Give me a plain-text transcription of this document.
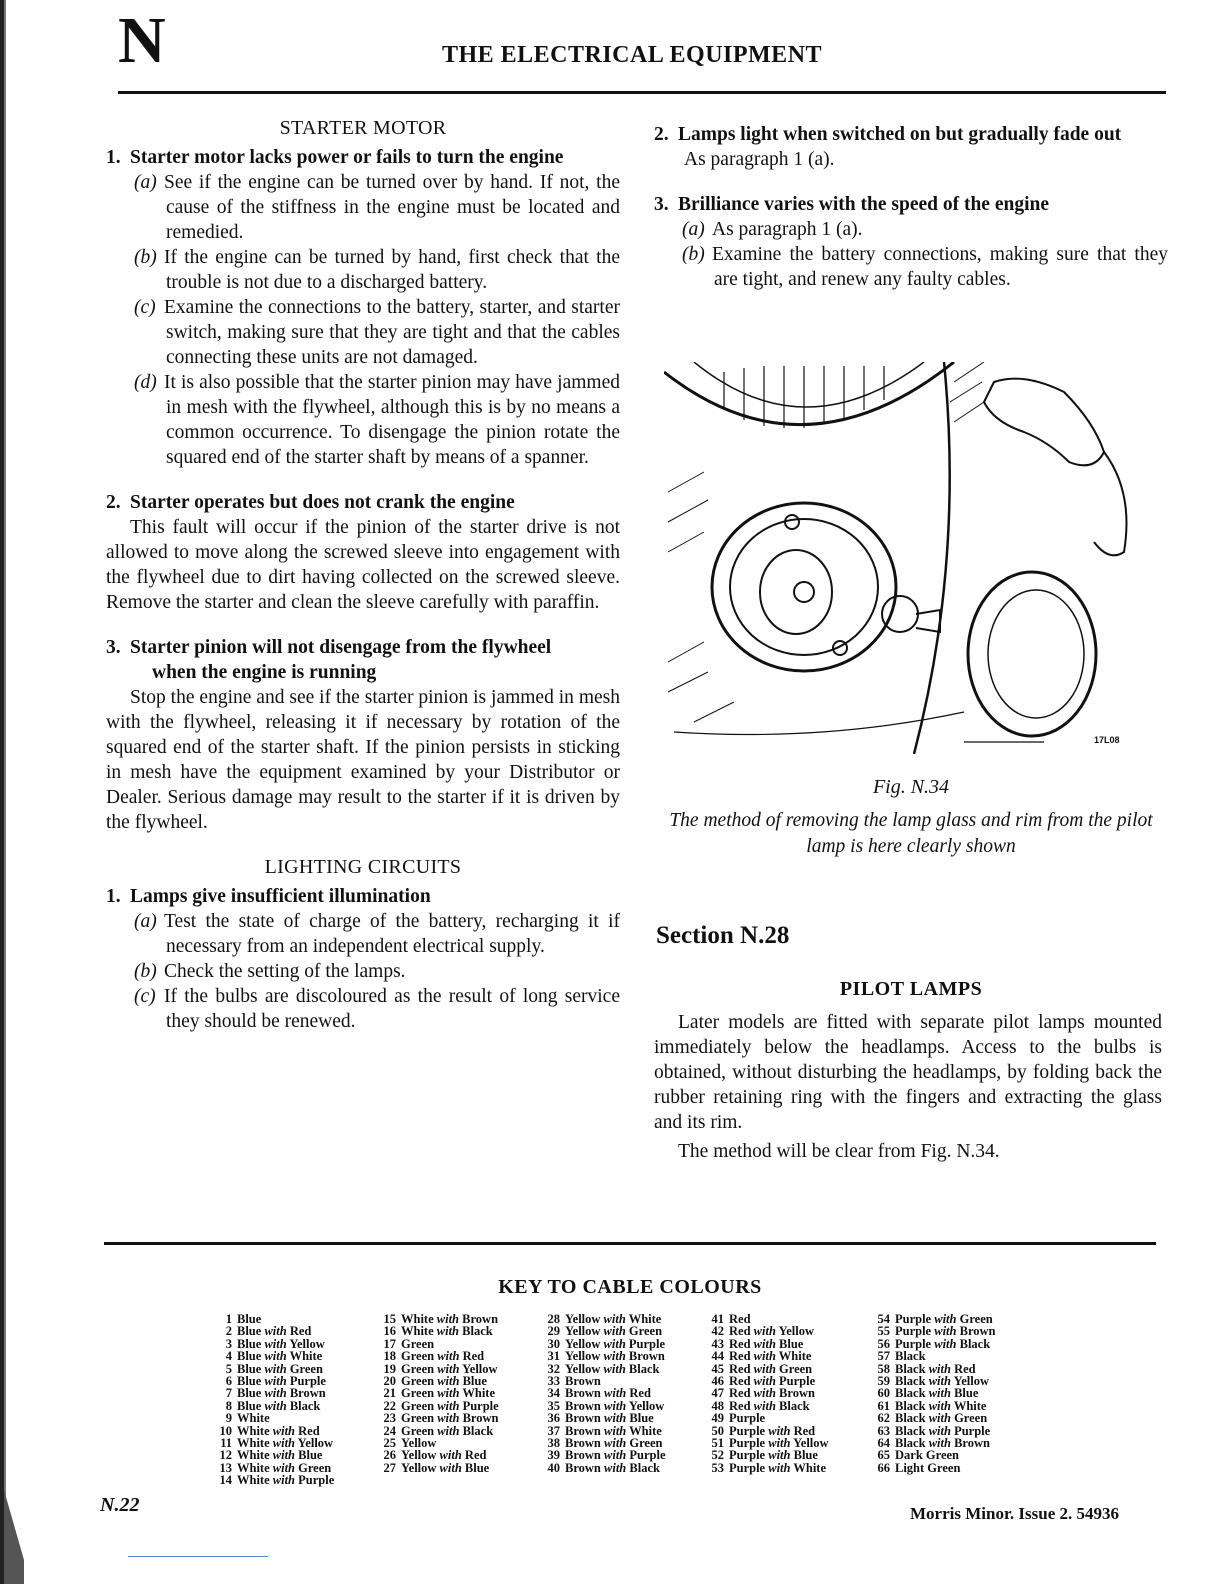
N	THE ELECTRICAL EQUIPMENT
STARTER MOTOR

1. Starter motor lacks power or fails to turn the engine

(a) See if the engine can be turned over by hand. If not, the cause of the stiffness in the engine must be located and remedied.

(b) If the engine can be turned by hand, first check that the trouble is not due to a discharged battery.

(c) Examine the connections to the battery, starter, and starter switch, making sure that they are tight and that the cables connecting these units are not damaged.

(d) It is also possible that the starter pinion may have jammed in mesh with the flywheel, although this is by no means a common occurrence. To disengage the pinion rotate the squared end of the starter shaft by means of a spanner.

2. Starter operates but does not crank the engine

This fault will occur if the pinion of the starter drive is not allowed to move along the screwed sleeve into engagement with the flywheel due to dirt having collected on the screwed sleeve. Remove the starter and clean the sleeve carefully with paraffin.

3. Starter pinion will not disengage from the flywheel

when the engine is running

Stop the engine and see if the starter pinion is jammed in mesh with the flywheel, releasing it if necessary by rotation of the squared end of the starter shaft. If the pinion persists in sticking in mesh have the equipment examined by your Distributor or Dealer. Serious damage may result to the starter if it is driven by the flywheel.

LIGHTING CIRCUITS

1. Lamps give insufficient illumination

(a) Test the state of charge of the battery, recharging it if necessary from an independent electrical supply.

(b) Check the setting of the lamps.

(c) If the bulbs are discoloured as the result of long service they should be renewed.

2. Lamps light when switched on but gradually fade out

As paragraph 1 (a).

3. Brilliance varies with the speed of the engine

(a) As paragraph 1 (a).

(b) Examine the battery connections, making sure that they are tight, and renew any faulty cables.

17L08
Fig. N.34
The method of removing the lamp glass and rim from the pilot lamp is here clearly shown
Section N.28
PILOT LAMPS

Later models are fitted with separate pilot lamps mounted immediately below the headlamps. Access to the bulbs is obtained, without disturbing the headlamps, by folding back the rubber retaining ring with the fingers and extracting the glass and its rim.

The method will be clear from Fig. N.34.

KEY TO CABLE COLOURS
1 Blue
2 Blue with Red
3 Blue with Yellow
4 Blue with White
5 Blue with Green
6 Blue with Purple
7 Blue with Brown
8 Blue with Black
9 White
10 White with Red
11 White with Yellow
12 White with Blue
13 White with Green
14 White with Purple
15 White with Brown
16 White with Black
17 Green
18 Green with Red
19 Green with Yellow
20 Green with Blue
21 Green with White
22 Green with Purple
23 Green with Brown
24 Green with Black
25 Yellow
26 Yellow with Red
27 Yellow with Blue
28 Yellow with White
29 Yellow with Green
30 Yellow with Purple
31 Yellow with Brown
32 Yellow with Black
33 Brown
34 Brown with Red
35 Brown with Yellow
36 Brown with Blue
37 Brown with White
38 Brown with Green
39 Brown with Purple
40 Brown with Black
41 Red
42 Red with Yellow
43 Red with Blue
44 Red with White
45 Red with Green
46 Red with Purple
47 Red with Brown
48 Red with Black
49 Purple
50 Purple with Red
51 Purple with Yellow
52 Purple with Blue
53 Purple with White
54 Purple with Green
55 Purple with Brown
56 Purple with Black
57 Black
58 Black with Red
59 Black with Yellow
60 Black with Blue
61 Black with White
62 Black with Green
63 Black with Purple
64 Black with Brown
65 Dark Green
66 Light Green
N.22	Morris Minor. Issue 2. 54936
